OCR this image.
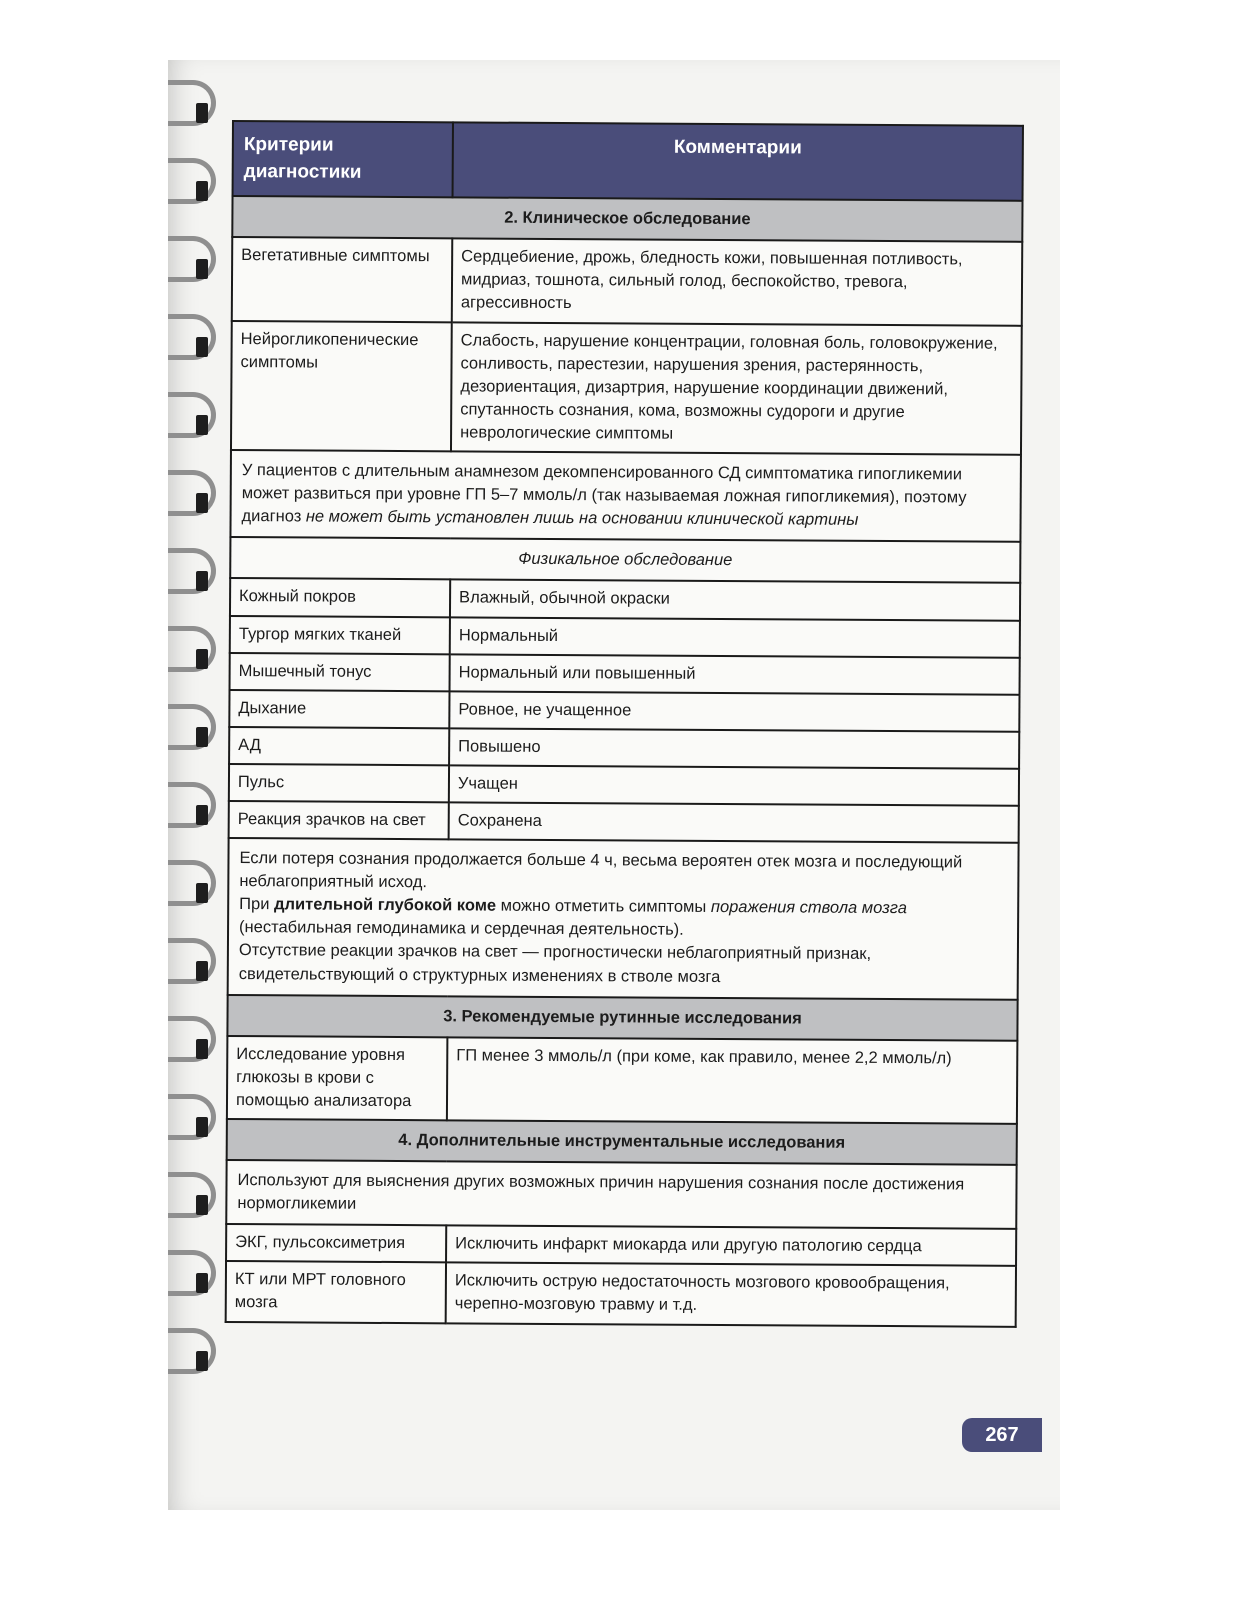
Критерии диагностики	Комментарии
2. Клиническое обследование	
Вегетативные симптомы	Сердцебиение, дрожь, бледность кожи, повышенная потливость, мидриаз, тошнота, сильный голод, беспокойство, тревога, агрессивность
Нейрогликопенические симптомы	Слабость, нарушение концентрации, головная боль, головокружение, сонливость, парестезии, нарушения зрения, растерянность, дезориентация, дизартрия, нарушение координации движений, спутанность сознания, кома, возможны судороги и другие неврологические симптомы
У пациентов с длительным анамнезом декомпенсированного СД симптоматика гипогликемии может развиться при уровне ГП 5–7 ммоль/л (так называемая ложная гипогликемия), поэтому диагноз не может быть установлен лишь на основании клинической картины	
Физикальное обследование	
Кожный покров	Влажный, обычной окраски
Тургор мягких тканей	Нормальный
Мышечный тонус	Нормальный или повышенный
Дыхание	Ровное, не учащенное
АД	Повышено
Пульс	Учащен
Реакция зрачков на свет	Сохранена

Если потеря сознания продолжается больше 4 ч, весьма вероятен отек мозга и последующий неблагоприятный исход.
При длительной глубокой коме можно отметить симптомы поражения ствола мозга (нестабильная гемодинамика и сердечная деятельность).
Отсутствие реакции зрачков на свет — прогностически неблагоприятный признак, свидетельствующий о структурных изменениях в стволе мозга	

3. Рекомендуемые рутинные исследования	
Исследование уровня глюкозы в крови с помощью анализатора	ГП менее 3 ммоль/л (при коме, как правило, менее 2,2 ммоль/л)
4. Дополнительные инструментальные исследования	
Используют для выяснения других возможных причин нарушения сознания после достижения нормогликемии	
ЭКГ, пульсоксиметрия	Исключить инфаркт миокарда или другую патологию сердца
КТ или МРТ головного мозга	Исключить острую недостаточность мозгового кровообращения, черепно-мозговую травму и т.д.
267
